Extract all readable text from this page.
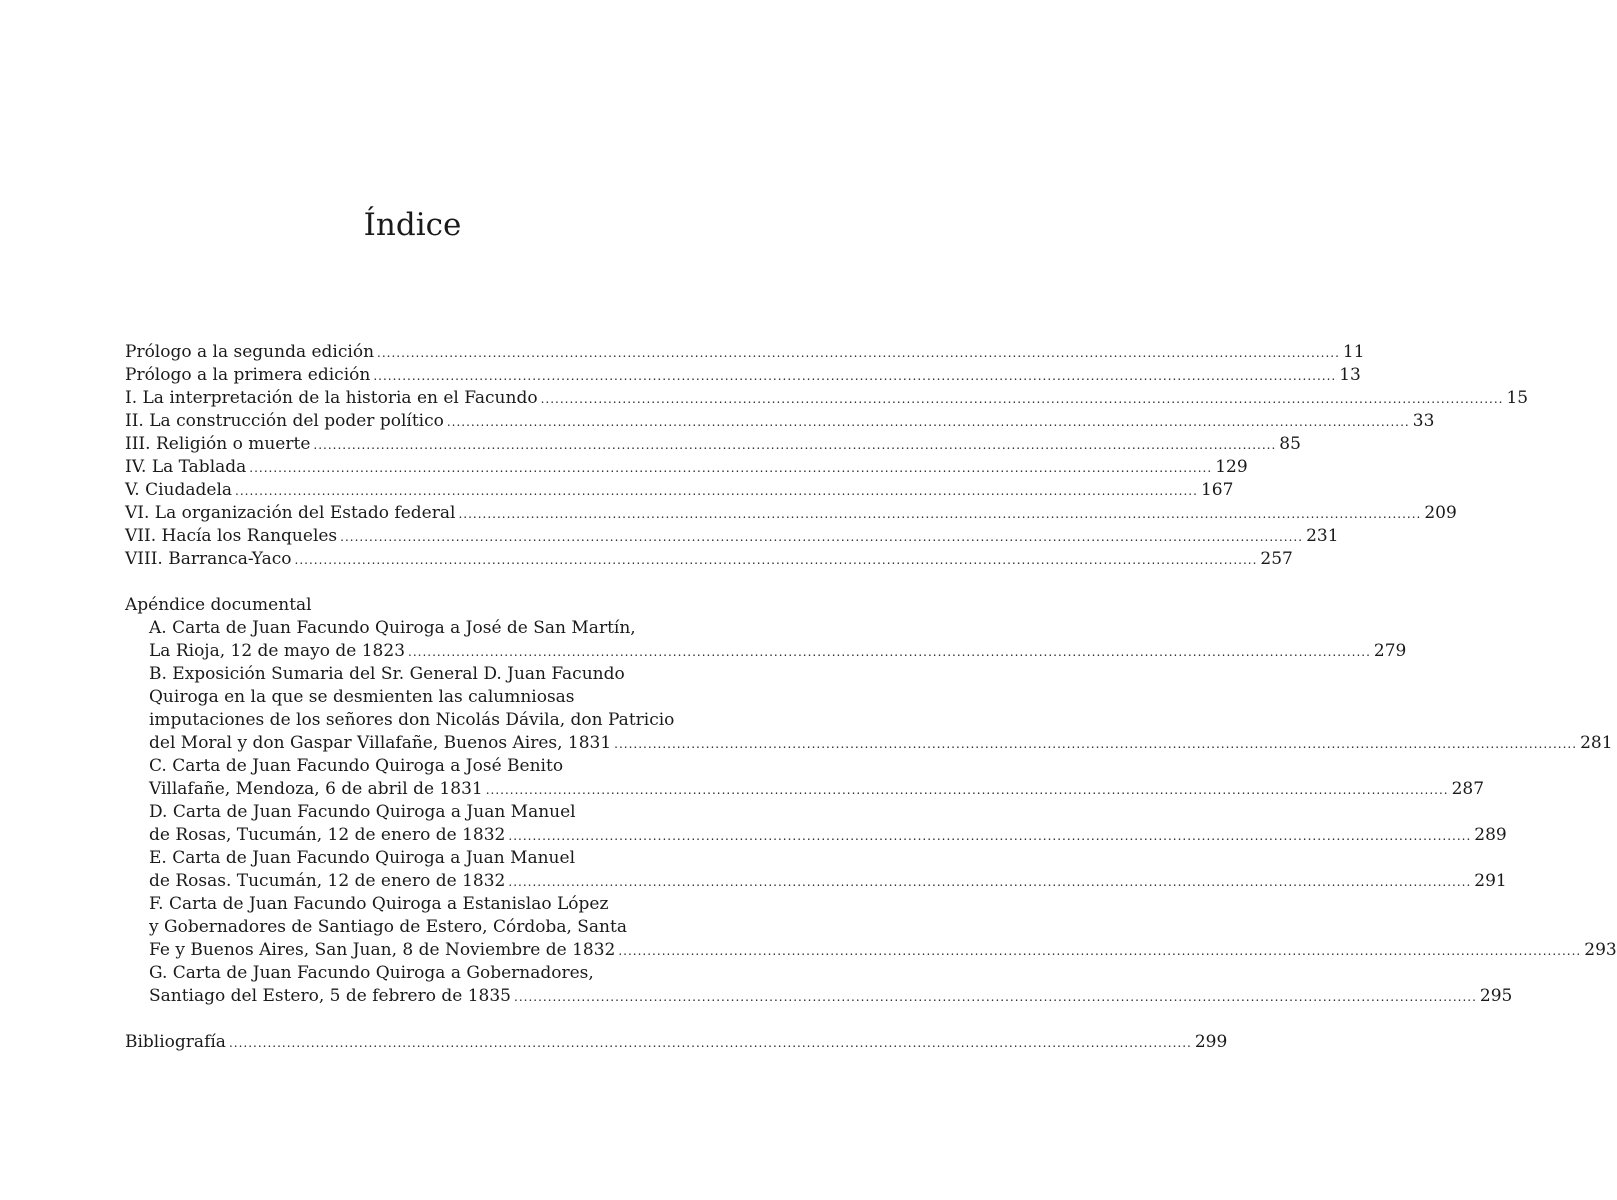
Índice
Prólogo a la segunda edición ........................................................................................................................................................................................................ 11
Prólogo a la primera edición ........................................................................................................................................................................................................ 13
I. La interpretación de la historia en el Facundo ........................................................................................................................................................................................................ 15
II. La construcción del poder político ........................................................................................................................................................................................................ 33
III. Religión o muerte ........................................................................................................................................................................................................ 85
IV. La Tablada ........................................................................................................................................................................................................ 129
V. Ciudadela ........................................................................................................................................................................................................ 167
VI. La organización del Estado federal ........................................................................................................................................................................................................ 209
VII. Hacía los Ranqueles ........................................................................................................................................................................................................ 231
VIII. Barranca-Yaco ........................................................................................................................................................................................................ 257
Apéndice documental
A. Carta de Juan Facundo Quiroga a José de San Martín,
La Rioja, 12 de mayo de 1823 ........................................................................................................................................................................................................ 279
B. Exposición Sumaria del Sr. General D. Juan Facundo
Quiroga en la que se desmienten las calumniosas
imputaciones de los señores don Nicolás Dávila, don Patricio
del Moral y don Gaspar Villafañe, Buenos Aires, 1831 ........................................................................................................................................................................................................ 281
C. Carta de Juan Facundo Quiroga a José Benito
Villafañe, Mendoza, 6 de abril de 1831 ........................................................................................................................................................................................................ 287
D. Carta de Juan Facundo Quiroga a Juan Manuel
de Rosas, Tucumán, 12 de enero de 1832 ........................................................................................................................................................................................................ 289
E. Carta de Juan Facundo Quiroga a Juan Manuel
de Rosas. Tucumán, 12 de enero de 1832 ........................................................................................................................................................................................................ 291
F. Carta de Juan Facundo Quiroga a Estanislao López
y Gobernadores de Santiago de Estero, Córdoba, Santa
Fe y Buenos Aires, San Juan, 8 de Noviembre de 1832 ........................................................................................................................................................................................................ 293
G. Carta de Juan Facundo Quiroga a Gobernadores,
Santiago del Estero, 5 de febrero de 1835 ........................................................................................................................................................................................................ 295
Bibliografía ........................................................................................................................................................................................................ 299
